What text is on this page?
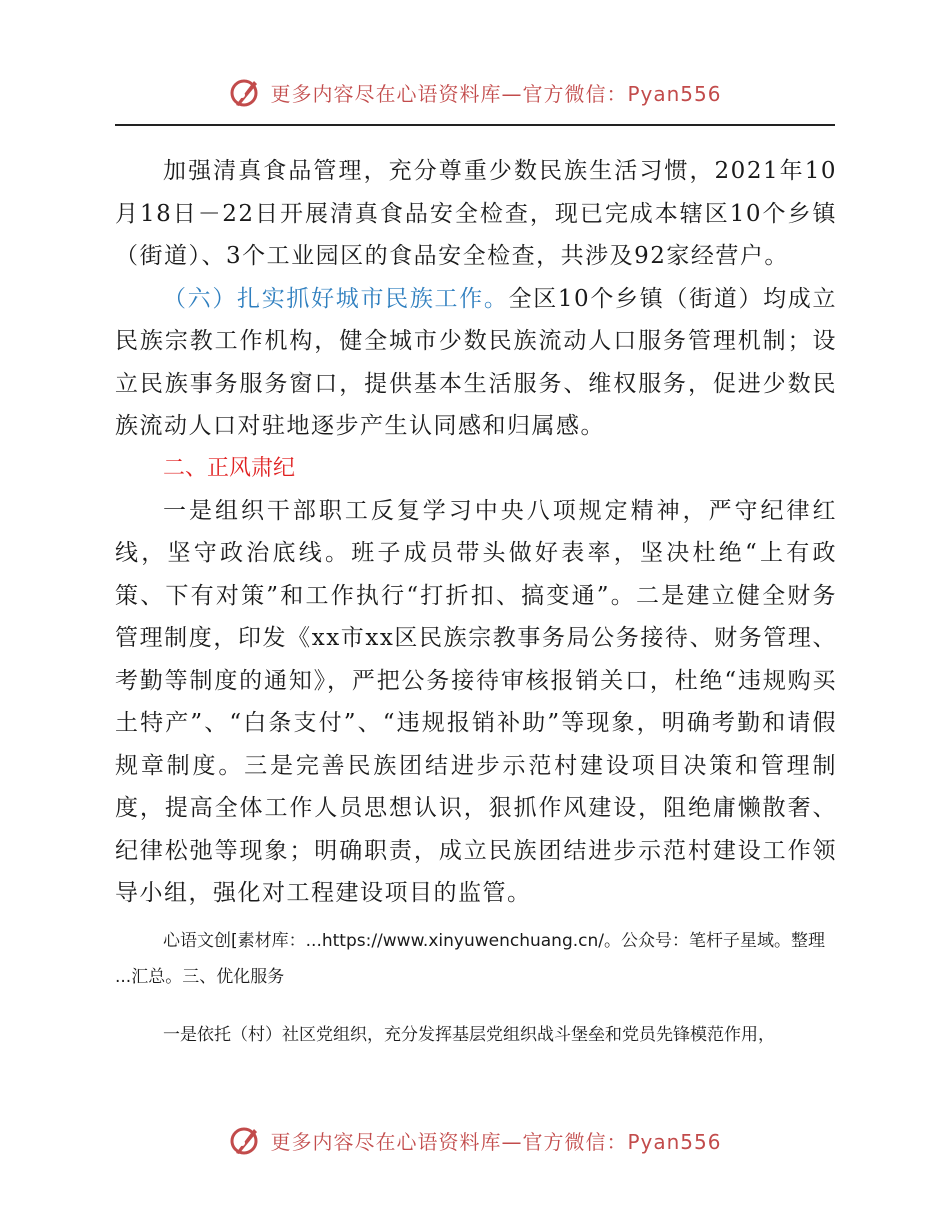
更多内容尽在心语资料库—官方微信：Pyan556

加强清真食品管理，充分尊重少数民族生活习惯，2021年10月18日－22日开展清真食品安全检查，现已完成本辖区10个乡镇（街道）、3个工业园区的食品安全检查，共涉及92家经营户。

（六）扎实抓好城市民族工作。全区10个乡镇（街道）均成立民族宗教工作机构，健全城市少数民族流动人口服务管理机制；设立民族事务服务窗口，提供基本生活服务、维权服务，促进少数民族流动人口对驻地逐步产生认同感和归属感。

二、正风肃纪

一是组织干部职工反复学习中央八项规定精神，严守纪律红线，坚守政治底线。班子成员带头做好表率，坚决杜绝“上有政策、下有对策”和工作执行“打折扣、搞变通”。二是建立健全财务管理制度，印发《xx市xx区民族宗教事务局公务接待、财务管理、考勤等制度的通知》，严把公务接待审核报销关口，杜绝“违规购买土特产”、“白条支付”、“违规报销补助”等现象，明确考勤和请假规章制度。三是完善民族团结进步示范村建设项目决策和管理制度，提高全体工作人员思想认识，狠抓作风建设，阻绝庸懒散奢、纪律松弛等现象；明确职责，成立民族团结进步示范村建设工作领导小组，强化对工程建设项目的监管。

心语文创[素材库：...https://www.xinyuwenchuang.cn/。公众号：笔杆子星域。整理

...汇总。三、优化服务

一是依托（村）社区党组织，充分发挥基层党组织战斗堡垒和党员先锋模范作用，

更多内容尽在心语资料库—官方微信：Pyan556
